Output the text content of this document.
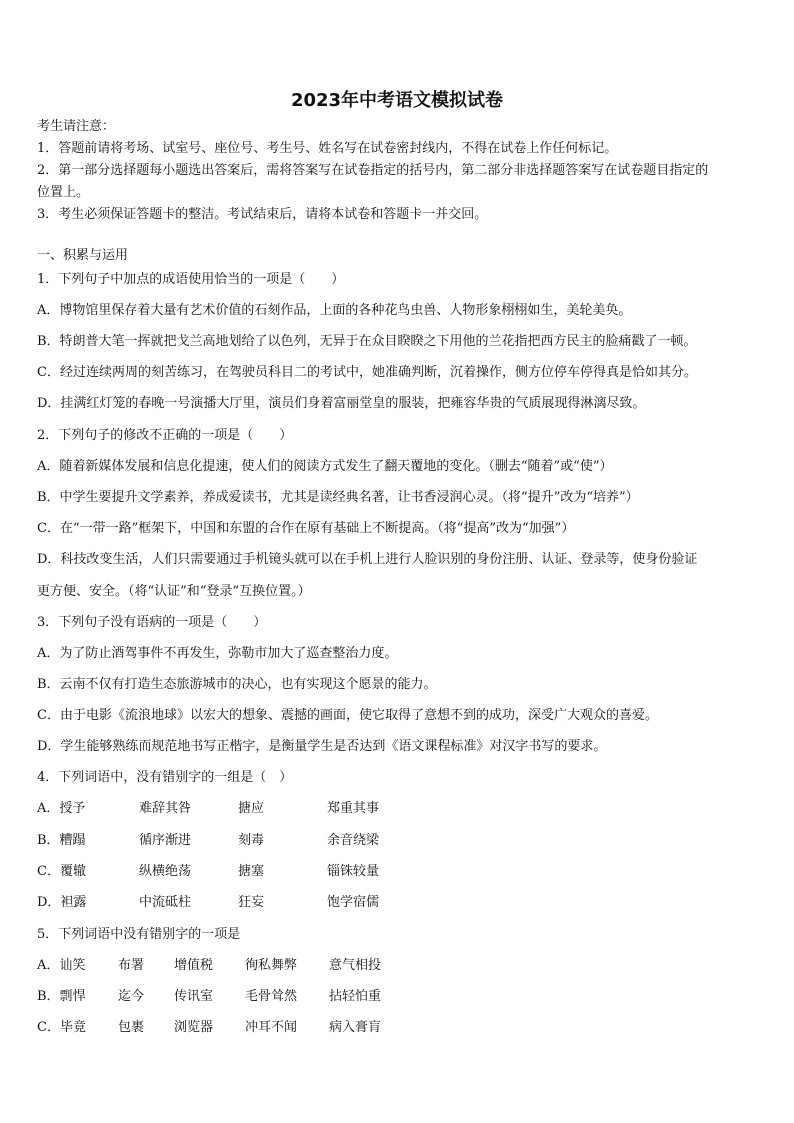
2023年中考语文模拟试卷
考生请注意：
1．答题前请将考场、试室号、座位号、考生号、姓名写在试卷密封线内，不得在试卷上作任何标记。
2．第一部分选择题每小题选出答案后，需将答案写在试卷指定的括号内，第二部分非选择题答案写在试卷题目指定的
位置上。
3．考生必须保证答题卡的整洁。考试结束后，请将本试卷和答题卡一并交回。
一、积累与运用
1．下列句子中加点的成语使用恰当的一项是（　　）
A．博物馆里保存着大量有艺术价值的石刻作品，上面的各种花鸟虫兽、人物形象栩栩如生，美轮美奂。
B．特朗普大笔一挥就把戈兰高地划给了以色列，无异于在众目睽睽之下用他的兰花指把西方民主的脸痛戳了一顿。
C．经过连续两周的刻苦练习，在驾驶员科目二的考试中，她准确判断，沉着操作，侧方位停车停得真是恰如其分。
D．挂满红灯笼的春晚一号演播大厅里，演员们身着富丽堂皇的服装，把雍容华贵的气质展现得淋漓尽致。
2．下列句子的修改不正确的一项是（　　）
A．随着新媒体发展和信息化提速，使人们的阅读方式发生了翻天覆地的变化。（删去“随着”或“使”）
B．中学生要提升文学素养，养成爱读书，尤其是读经典名著，让书香浸润心灵。（将“提升”改为“培养”）
C．在“一带一路”框架下，中国和东盟的合作在原有基础上不断提高。（将“提高”改为“加强”）
D．科技改变生活，人们只需要通过手机镜头就可以在手机上进行人脸识别的身份注册、认证、登录等，使身份验证
更方便、安全。（将“认证”和“登录”互换位置。）
3．下列句子没有语病的一项是（　　）
A．为了防止酒驾事件不再发生，弥勒市加大了巡查整治力度。
B．云南不仅有打造生态旅游城市的决心，也有实现这个愿景的能力。
C．由于电影《流浪地球》以宏大的想象、震撼的画面，使它取得了意想不到的成功，深受广大观众的喜爱。
D．学生能够熟练而规范地书写正楷字，是衡量学生是否达到《语文课程标准》对汉字书写的要求。
4．下列词语中，没有错别字的一组是（　）
A．授予	难辞其咎	搪应	郑重其事
B．糟蹋	循序渐进	刻毒	余音绕梁
C．覆辙	纵横绝荡	搪塞	锱铢较量
D．袒露	中流砥柱	狂妄	饱学宿儒
5．下列词语中没有错别字的一项是
A．讪笑	布署 增值税 徇私舞弊 意气相投
B．剽悍 迄今 传讯室 毛骨耸然 拈轻怕重
C．毕竟 包裹 浏览器 冲耳不闻 病入膏肓
